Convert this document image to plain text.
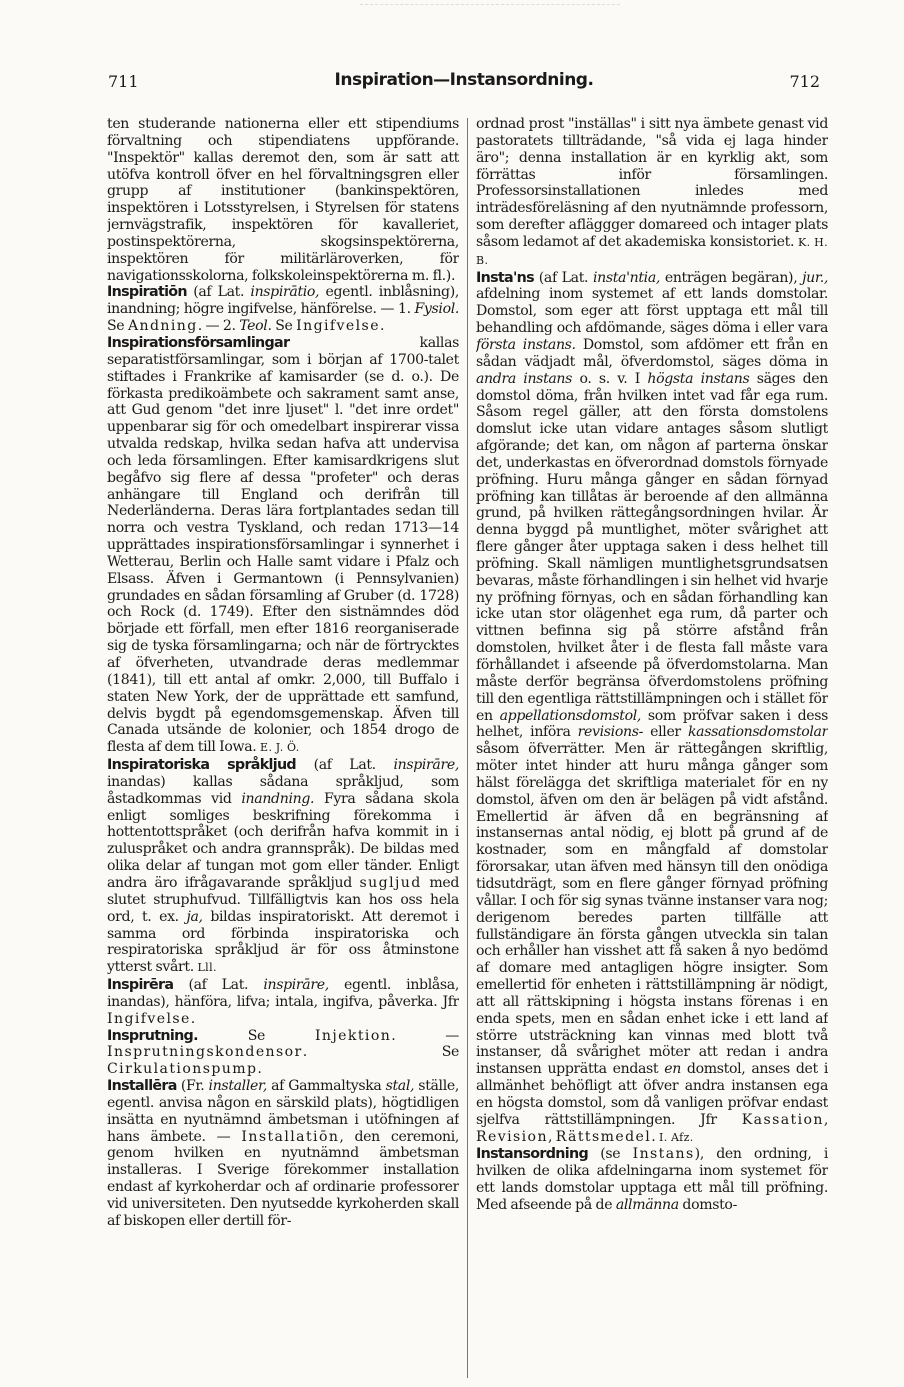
711	Inspiration—Instansordning.	712

ten studerande nationerna eller ett stipendiums förvaltning och stipendiatens uppförande. "Inspektör" kallas deremot den, som är satt att utöfva kontroll öfver en hel förvaltningsgren eller grupp af institutioner (bankinspektören, inspektören i Lotsstyrelsen, i Styrelsen för statens jernvägstrafik, inspektören för kavalleriet, postinspektörerna, skogsinspektörerna, inspektören för militärläroverken, för navigationsskolorna, folkskoleinspektörerna m. fl.).

Inspiratiōn (af Lat. inspirātio, egentl. inblåsning), inandning; högre ingifvelse, hänförelse. — 1. Fysiol. Se Andning. — 2. Teol. Se Ingifvelse.

Inspirationsförsamlingar kallas separatistförsamlingar, som i början af 1700-talet stiftades i Frankrike af kamisarder (se d. o.). De förkasta predikoämbete och sakrament samt anse, att Gud genom "det inre ljuset" l. "det inre ordet" uppenbarar sig för och omedelbart inspirerar vissa utvalda redskap, hvilka sedan hafva att undervisa och leda församlingen. Efter kamisardkrigens slut begåfvo sig flere af dessa "profeter" och deras anhängare till England och derifrån till Nederländerna. Deras lära fortplantades sedan till norra och vestra Tyskland, och redan 1713—14 upprättades inspirationsförsamlingar i synnerhet i Wetterau, Berlin och Halle samt vidare i Pfalz och Elsass. Äfven i Germantown (i Pennsylvanien) grundades en sådan församling af Gruber (d. 1728) och Rock (d. 1749). Efter den sistnämndes död började ett förfall, men efter 1816 reorganiserade sig de tyska församlingarna; och när de förtrycktes af öfverheten, utvandrade deras medlemmar (1841), till ett antal af omkr. 2,000, till Buffalo i staten New York, der de upprättade ett samfund, delvis bygdt på egendomsgemenskap. Äfven till Canada utsände de kolonier, och 1854 drogo de flesta af dem till Iowa. E. J. Ö.

Inspiratoriska språkljud (af Lat. inspirāre, inandas) kallas sådana språkljud, som åstadkommas vid inandning. Fyra sådana skola enligt somliges beskrifning förekomma i hottentottspråket (och derifrån hafva kommit in i zuluspråket och andra grannspråk). De bildas med olika delar af tungan mot gom eller tänder. Enligt andra äro ifrågavarande språkljud sugljud med slutet struphufvud. Tillfälligtvis kan hos oss hela ord, t. ex. ja, bildas inspiratoriskt. Att deremot i samma ord förbinda inspiratoriska och respiratoriska språkljud är för oss åtminstone ytterst svårt. Lll.

Inspirēra (af Lat. inspirāre, egentl. inblåsa, inandas), hänföra, lifva; intala, ingifva, påverka. Jfr Ingifvelse.

Insprutning. Se Injektion. — Insprutningskondensor. Se Cirkulationspump.

Installēra (Fr. installer, af Gammaltyska stal, ställe, egentl. anvisa någon en särskild plats), högtidligen insätta en nyutnämnd ämbetsman i utöfningen af hans ämbete. — Installatiōn, den ceremoni, genom hvilken en nyutnämnd ämbetsman installeras. I Sverige förekommer installation endast af kyrkoherdar och af ordinarie professorer vid universiteten. Den nyutsedde kyrkoherden skall af biskopen eller dertill för-

ordnad prost "inställas" i sitt nya ämbete genast vid pastoratets tillträdande, "så vida ej laga hinder äro"; denna installation är en kyrklig akt, som förrättas inför församlingen. Professorsinstallationen inledes med inträdesföreläsning af den nyutnämnde professorn, som derefter afläggger domareed och intager plats såsom ledamot af det akademiska konsistoriet. K. H. B.

Insta'ns (af Lat. insta'ntia, enträgen begäran), jur., afdelning inom systemet af ett lands domstolar. Domstol, som eger att först upptaga ett mål till behandling och afdömande, säges döma i eller vara första instans. Domstol, som afdömer ett från en sådan vädjadt mål, öfverdomstol, säges döma in andra instans o. s. v. I högsta instans säges den domstol döma, från hvilken intet vad får ega rum. Såsom regel gäller, att den första domstolens domslut icke utan vidare antages såsom slutligt afgörande; det kan, om någon af parterna önskar det, underkastas en öfverordnad domstols förnyade pröfning. Huru många gånger en sådan förnyad pröfning kan tillåtas är beroende af den allmänna grund, på hvilken rättegångsordningen hvilar. Är denna byggd på muntlighet, möter svårighet att flere gånger åter upptaga saken i dess helhet till pröfning. Skall nämligen muntlighetsgrundsatsen bevaras, måste förhandlingen i sin helhet vid hvarje ny pröfning förnyas, och en sådan förhandling kan icke utan stor olägenhet ega rum, då parter och vittnen befinna sig på större afstånd från domstolen, hvilket åter i de flesta fall måste vara förhållandet i afseende på öfverdomstolarna. Man måste derför begränsa öfverdomstolens pröfning till den egentliga rättstillämpningen och i stället för en appellationsdomstol, som pröfvar saken i dess helhet, införa revisions- eller kassationsdomstolar såsom öfverrätter. Men är rättegången skriftlig, möter intet hinder att huru många gånger som hälst förelägga det skriftliga materialet för en ny domstol, äfven om den är belägen på vidt afstånd. Emellertid är äfven då en begränsning af instansernas antal nödig, ej blott på grund af de kostnader, som en mångfald af domstolar förorsakar, utan äfven med hänsyn till den onödiga tidsutdrägt, som en flere gånger förnyad pröfning vållar. I och för sig synas tvänne instanser vara nog; derigenom beredes parten tillfälle att fullständigare än första gången utveckla sin talan och erhåller han visshet att få saken å nyo bedömd af domare med antagligen högre insigter. Som emellertid för enheten i rättstillämpning är nödigt, att all rättskipning i högsta instans förenas i en enda spets, men en sådan enhet icke i ett land af större utsträckning kan vinnas med blott två instanser, då svårighet möter att redan i andra instansen upprätta endast en domstol, anses det i allmänhet behöfligt att öfver andra instansen ega en högsta domstol, som då vanligen pröfvar endast sjelfva rättstillämpningen. Jfr Kassation, Revision, Rättsmedel. I. Afz.

Instansordning (se Instans), den ordning, i hvilken de olika afdelningarna inom systemet för ett lands domstolar upptaga ett mål till pröfning. Med afseende på de allmänna domsto-
